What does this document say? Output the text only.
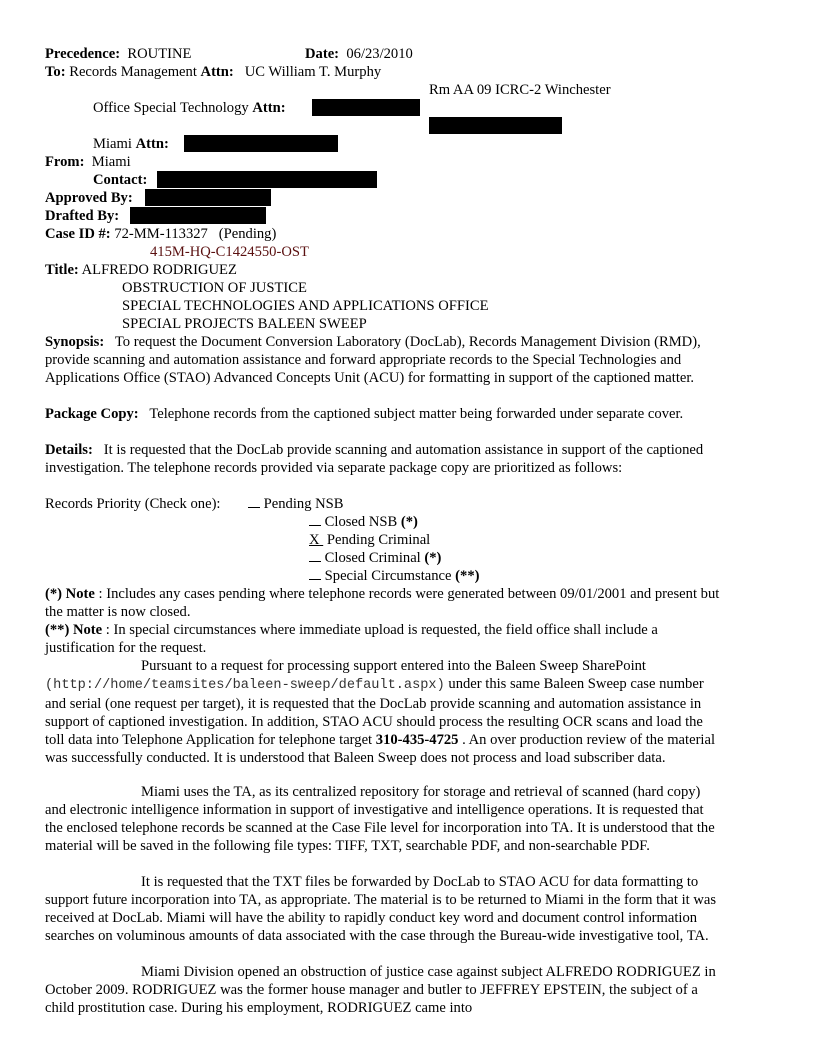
Precedence: ROUTINE	Date: 06/23/2010
To: Records Management Attn: UC William T. Murphy
Rm AA 09 ICRC-2 Winchester
Office Special Technology Attn:
Miami Attn:
From: Miami
Contact:
Approved By:
Drafted By:
Case ID #: 72-MM-113327   (Pending)
415M-HQ-C1424550-OST
Title: ALFREDO RODRIGUEZ
OBSTRUCTION OF JUSTICE
SPECIAL TECHNOLOGIES AND APPLICATIONS OFFICE
SPECIAL PROJECTS BALEEN SWEEP
Synopsis: To request the Document Conversion Laboratory (DocLab), Records Management Division (RMD), provide scanning and automation assistance and forward appropriate records to the Special Technologies and Applications Office (STAO) Advanced Concepts Unit (ACU) for formatting in support of the captioned matter.
Package Copy: Telephone records from the captioned subject matter being forwarded under separate cover.
Details: It is requested that the DocLab provide scanning and automation assistance in support of the captioned investigation. The telephone records provided via separate package copy are prioritized as follows:
Records Priority (Check one):	Pending NSB
Closed NSB (*)
X Pending Criminal
Closed Criminal (*)
Special Circumstance (**)
(*) Note : Includes any cases pending where telephone records were generated between 09/01/2001 and present but the matter is now closed.
(**) Note : In special circumstances where immediate upload is requested, the field office shall include a justification for the request.
Pursuant to a request for processing support entered into the Baleen Sweep SharePoint (http://home/teamsites/baleen-sweep/default.aspx) under this same Baleen Sweep case number and serial (one request per target), it is requested that the DocLab provide scanning and automation assistance in support of captioned investigation. In addition, STAO ACU should process the resulting OCR scans and load the toll data into Telephone Application for telephone target 310-435-4725 . An over production review of the material was successfully conducted. It is understood that Baleen Sweep does not process and load subscriber data.
Miami uses the TA, as its centralized repository for storage and retrieval of scanned (hard copy) and electronic intelligence information in support of investigative and intelligence operations. It is requested that the enclosed telephone records be scanned at the Case File level for incorporation into TA. It is understood that the material will be saved in the following file types: TIFF, TXT, searchable PDF, and non-searchable PDF.
It is requested that the TXT files be forwarded by DocLab to STAO ACU for data formatting to support future incorporation into TA, as appropriate. The material is to be returned to Miami in the form that it was received at DocLab. Miami will have the ability to rapidly conduct key word and document control information searches on voluminous amounts of data associated with the case through the Bureau-wide investigative tool, TA.
Miami Division opened an obstruction of justice case against subject ALFREDO RODRIGUEZ in October 2009. RODRIGUEZ was the former house manager and butler to JEFFREY EPSTEIN, the subject of a child prostitution case. During his employment, RODRIGUEZ came into
